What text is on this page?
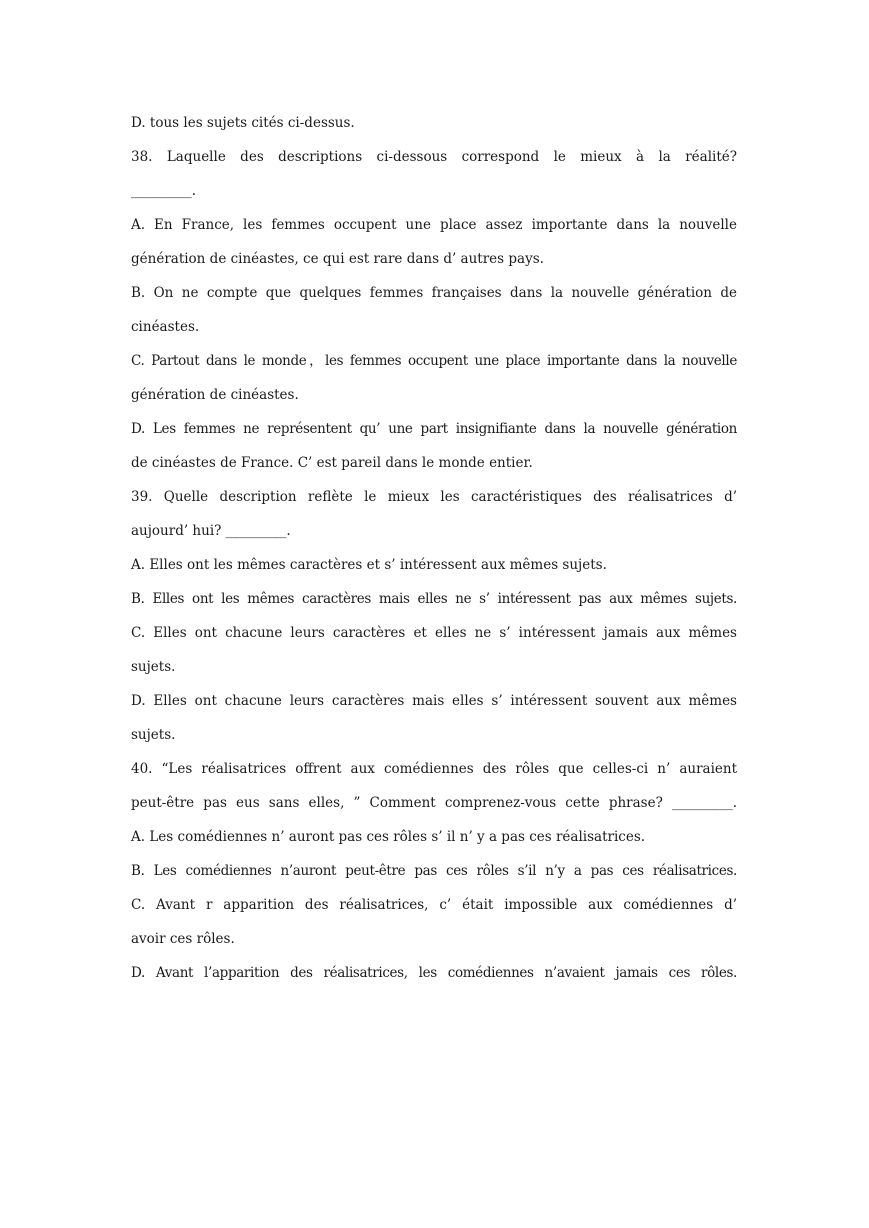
D. tous les sujets cités ci-dessus.
38. Laquelle des descriptions ci-dessous correspond le mieux à la réalité?
_________.
A. En France, les femmes occupent une place assez importante dans la nouvelle
génération de cinéastes, ce qui est rare dans d’ autres pays.
B. On ne compte que quelques femmes françaises dans la nouvelle génération de
cinéastes.
C. Partout dans le monde，les femmes occupent une place importante dans la nouvelle
génération de cinéastes.
D. Les femmes ne représentent qu’ une part insignifiante dans la nouvelle génération
de cinéastes de France. C’ est pareil dans le monde entier.
39. Quelle description reflète le mieux les caractéristiques des réalisatrices d’
aujourd’ hui? _________.
A. Elles ont les mêmes caractères et s’ intéressent aux mêmes sujets.
B. Elles ont les mêmes caractères mais elles ne s’ intéressent pas aux mêmes sujets.
C. Elles ont chacune leurs caractères et elles ne s’ intéressent jamais aux mêmes
sujets.
D. Elles ont chacune leurs caractères mais elles s’ intéressent souvent aux mêmes
sujets.
40. “Les réalisatrices offrent aux comédiennes des rôles que celles-ci n’ auraient
peut-être pas eus sans elles, ” Comment comprenez-vous cette phrase? _________.
A. Les comédiennes n’ auront pas ces rôles s’ il n’ y a pas ces réalisatrices.
B. Les comédiennes n’auront peut-être pas ces rôles s’il n’y a pas ces réalisatrices.
C. Avant r apparition des réalisatrices, c’ était impossible aux comédiennes d’
avoir ces rôles.
D. Avant l’apparition des réalisatrices, les comédiennes n’avaient jamais ces rôles.
